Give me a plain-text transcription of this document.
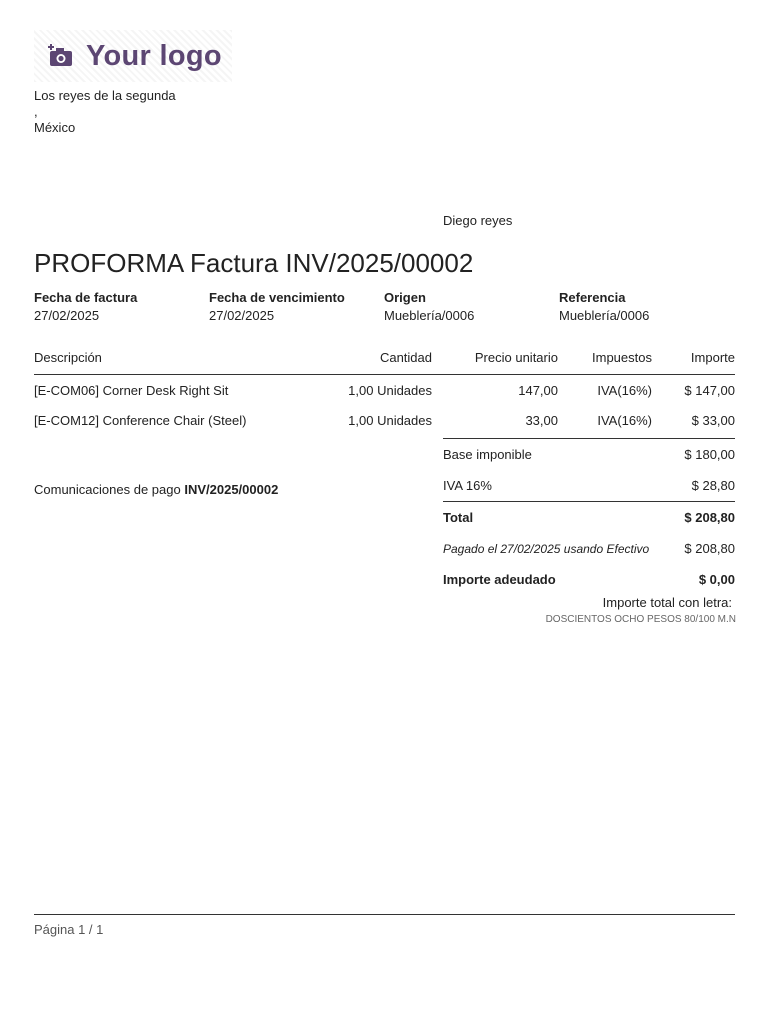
Your logo
Los reyes de la segunda
,
México
Diego reyes
PROFORMA Factura INV/2025/00002
Fecha de factura
27/02/2025
Fecha de vencimiento
27/02/2025
Origen
Mueblería/0006
Referencia
Mueblería/0006
Descripción	Cantidad	Precio unitario	Impuestos	Importe
[E-COM06] Corner Desk Right Sit	1,00 Unidades	147,00	IVA(16%)	$ 147,00
[E-COM12] Conference Chair (Steel)	1,00 Unidades	33,00	IVA(16%)	$ 33,00
Base imponible	$ 180,00
IVA 16%	$ 28,80
Total	$ 208,80
Pagado el 27/02/2025 usando Efectivo	$ 208,80
Importe adeudado	$ 0,00
Comunicaciones de pago INV/2025/00002
Importe total con letra:
DOSCIENTOS OCHO PESOS 80/100 M.N
Página 1 / 1
